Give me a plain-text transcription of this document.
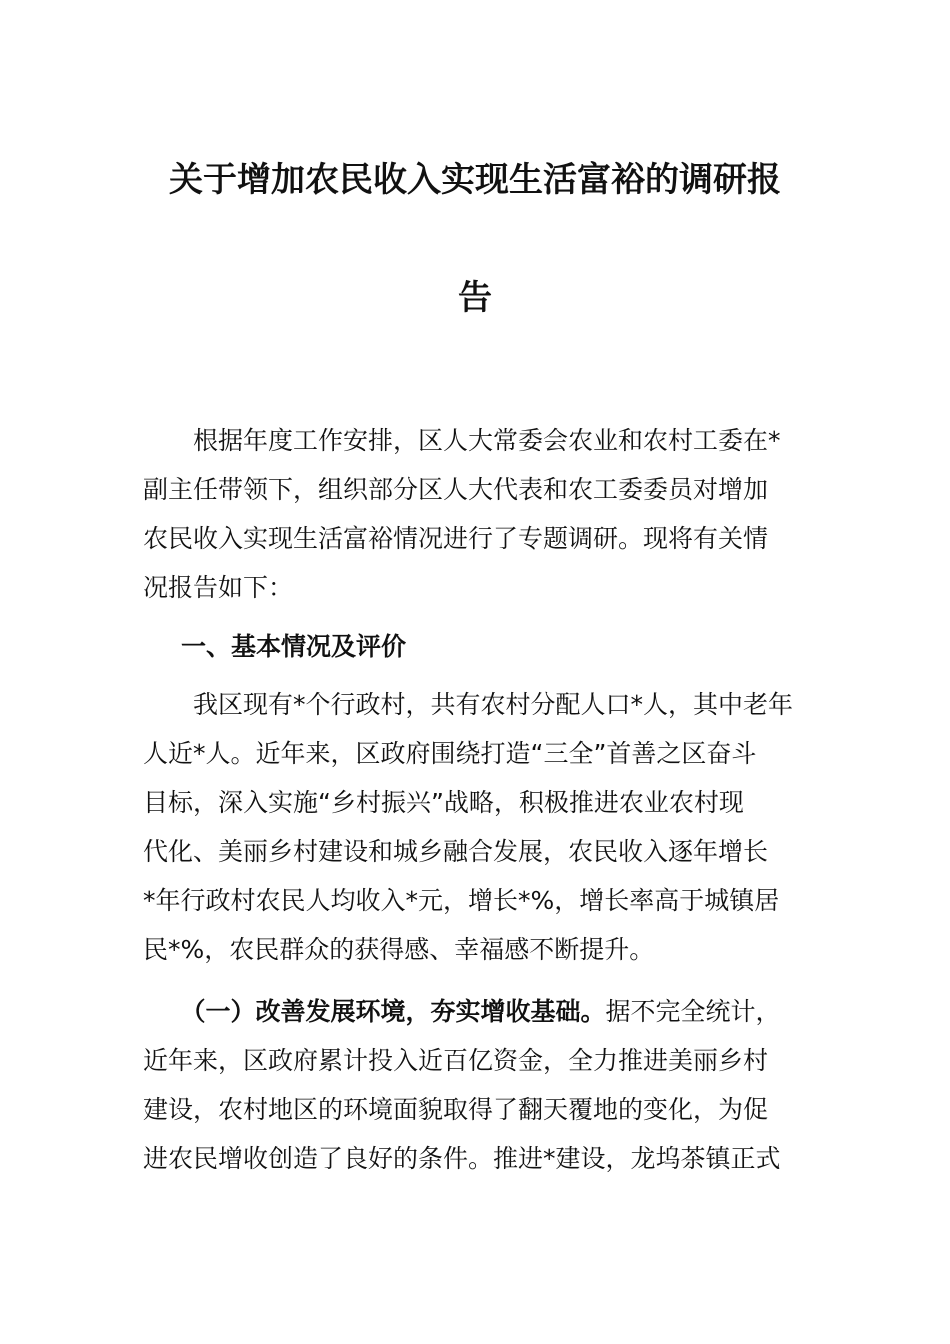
关于增加农民收入实现生活富裕的调研报
告
　　根据年度工作安排，区人大常委会农业和农村工委在*
副主任带领下，组织部分区人大代表和农工委委员对增加
农民收入实现生活富裕情况进行了专题调研。现将有关情
况报告如下：
一、基本情况及评价
　　我区现有*个行政村，共有农村分配人口*人，其中老年
人近*人。近年来，区政府围绕打造“三全”首善之区奋斗
目标，深入实施“乡村振兴”战略，积极推进农业农村现
代化、美丽乡村建设和城乡融合发展，农民收入逐年增长
*年行政村农民人均收入*元，增长*%，增长率高于城镇居
民*%，农民群众的获得感、幸福感不断提升。
　　（一）改善发展环境，夯实增收基础。据不完全统计，
近年来，区政府累计投入近百亿资金，全力推进美丽乡村
建设，农村地区的环境面貌取得了翻天覆地的变化，为促
进农民增收创造了良好的条件。推进*建设，龙坞茶镇正式
